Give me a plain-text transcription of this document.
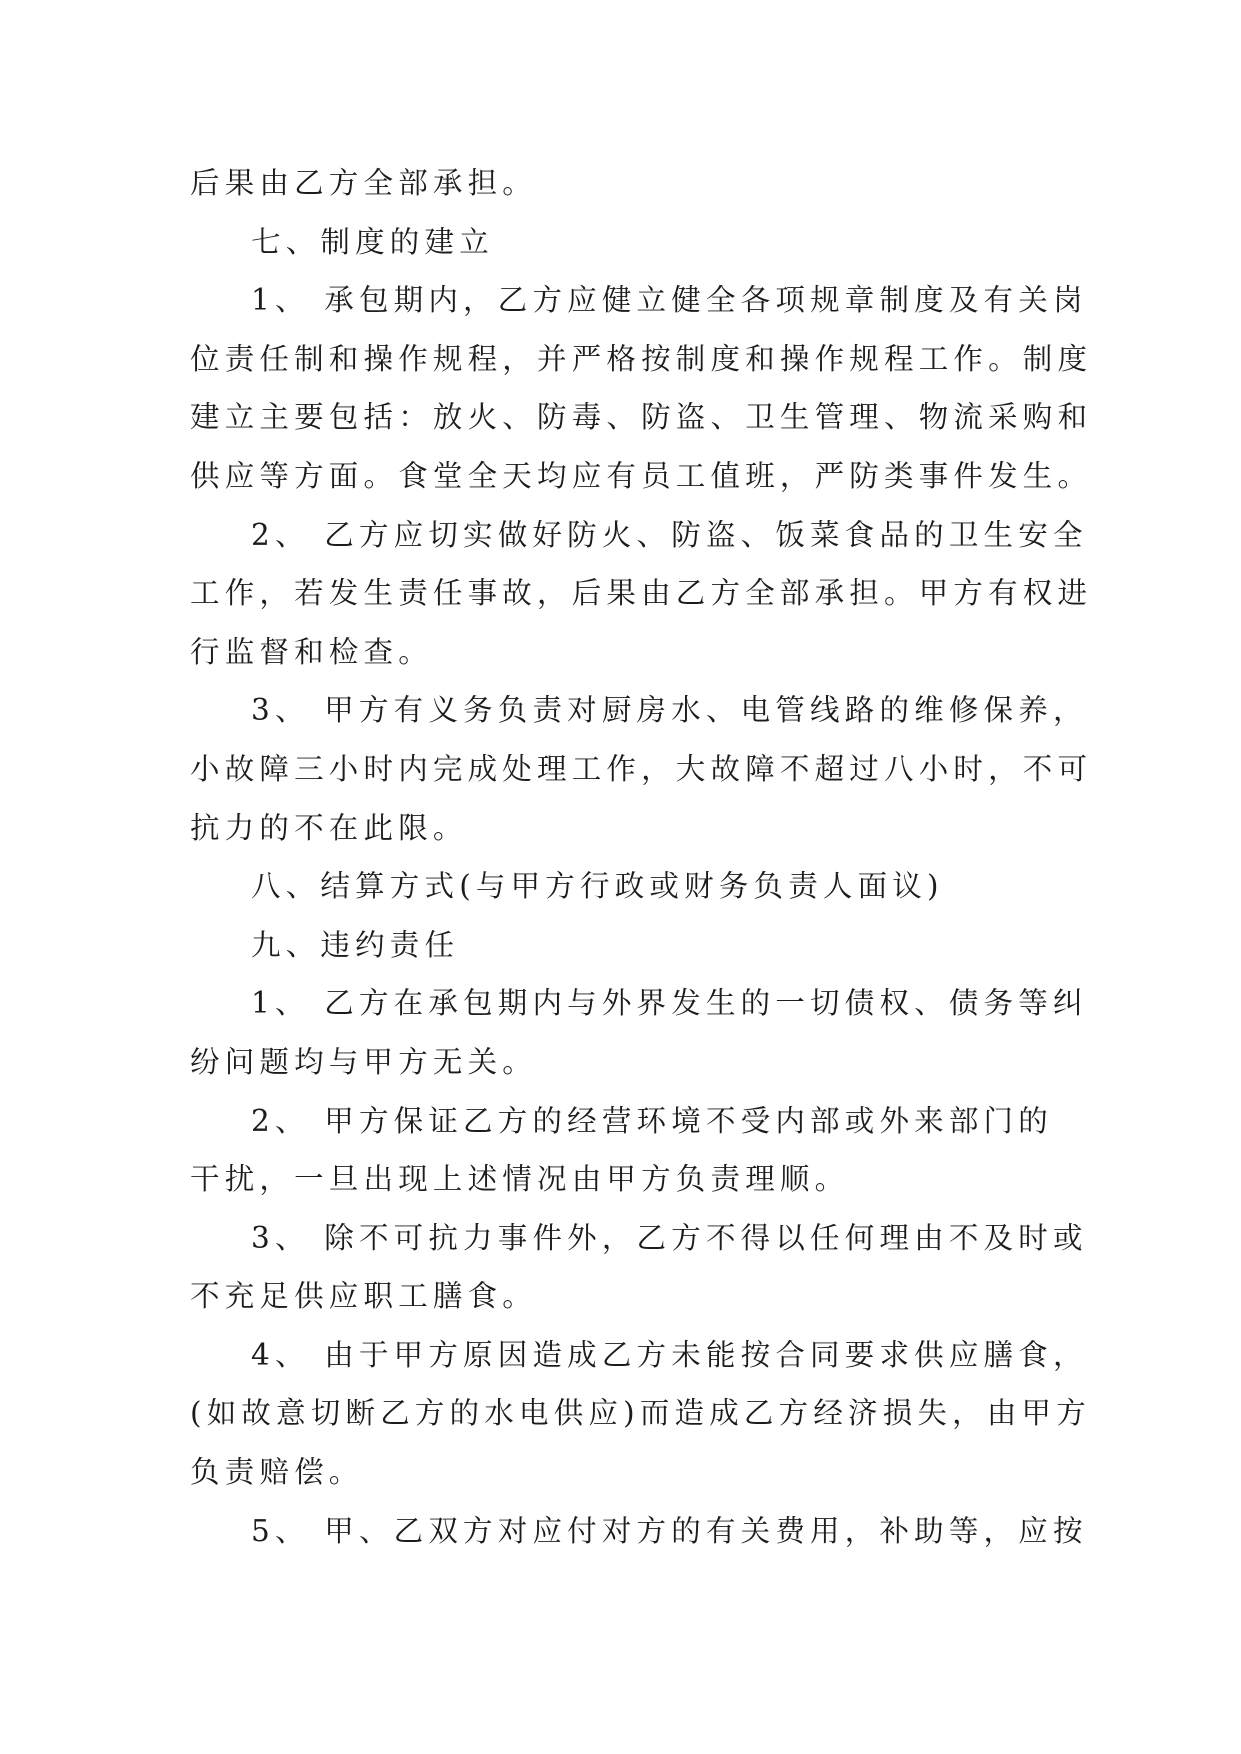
后果由乙方全部承担。
七、制度的建立
1、 承包期内，乙方应健立健全各项规章制度及有关岗
位责任制和操作规程，并严格按制度和操作规程工作。制度
建立主要包括：放火、防毒、防盗、卫生管理、物流采购和
供应等方面。食堂全天均应有员工值班，严防类事件发生。
2、 乙方应切实做好防火、防盗、饭菜食品的卫生安全
工作，若发生责任事故，后果由乙方全部承担。甲方有权进
行监督和检查。
3、 甲方有义务负责对厨房水、电管线路的维修保养，
小故障三小时内完成处理工作，大故障不超过八小时，不可
抗力的不在此限。
八、结算方式(与甲方行政或财务负责人面议)
九、违约责任
1、 乙方在承包期内与外界发生的一切债权、债务等纠
纷问题均与甲方无关。
2、 甲方保证乙方的经营环境不受内部或外来部门的
干扰，一旦出现上述情况由甲方负责理顺。
3、 除不可抗力事件外，乙方不得以任何理由不及时或
不充足供应职工膳食。
4、 由于甲方原因造成乙方未能按合同要求供应膳食，
(如故意切断乙方的水电供应)而造成乙方经济损失，由甲方
负责赔偿。
5、 甲、乙双方对应付对方的有关费用，补助等，应按
